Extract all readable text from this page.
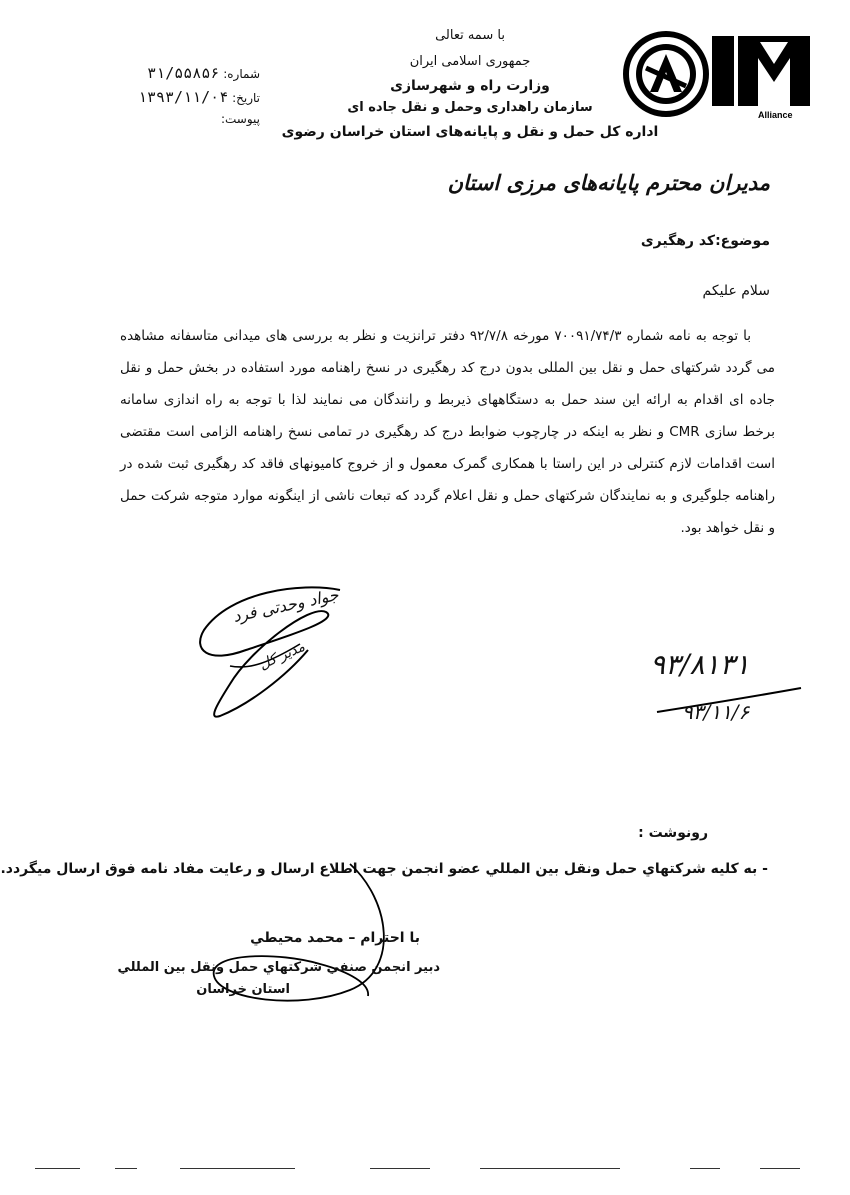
با سمه تعالی
جمهوری اسلامی ایران
وزارت راه و شهرسازی
سازمان راهداری وحمل و نقل جاده ای
اداره کل حمل و نقل و پایانه‌های استان خراسان رضوی
شماره: ۳۱/۵۵۸۵۶
تاریخ: ۱۳۹۳/۱۱/۰۴
پیوست:	Alliance
مدیران محترم پایانه‌های مرزی استان
موضوع:کد رهگیری
سلام علیکم

با توجه به نامه شماره ۷۰۰۹۱/۷۴/۳ مورخه ۹۲/۷/۸ دفتر ترانزیت و نظر به بررسی های میدانی متاسفانه مشاهده می گردد شرکتهای حمل و نقل بین المللی بدون درج کد رهگیری در نسخ راهنامه مورد استفاده در بخش حمل و نقل جاده ای اقدام به ارائه این سند حمل به دستگاههای ذیربط و رانندگان می نمایند لذا با توجه به راه اندازی سامانه برخط سازی CMR و نظر به اینکه در چارچوب ضوابط درج کد رهگیری در تمامی نسخ راهنامه الزامی است مقتضی است اقدامات لازم کنترلی در این راستا با همکاری گمرک معمول و از خروج کامیونهای فاقد کد رهگیری ثبت شده در راهنامه جلوگیری و به نمایندگان شرکتهای حمل و نقل اعلام گردد که تبعات ناشی از اینگونه موارد متوجه شرکت حمل و نقل خواهد بود.

جواد وحدتی فرد
مدیر کل	۹۳/۸۱۳۱
۹۳/۱۱/۶
رونوشت :
- به كليه شركتهاي حمل ونقل بين المللي عضو انجمن جهت اطلاع ارسال و رعايت مفاد نامه فوق ارسال ميگردد.
با احترام – محمد محيطي
دبير انجمن صنفي شركتهاي حمل ونقل بين المللي
استان خراسان
